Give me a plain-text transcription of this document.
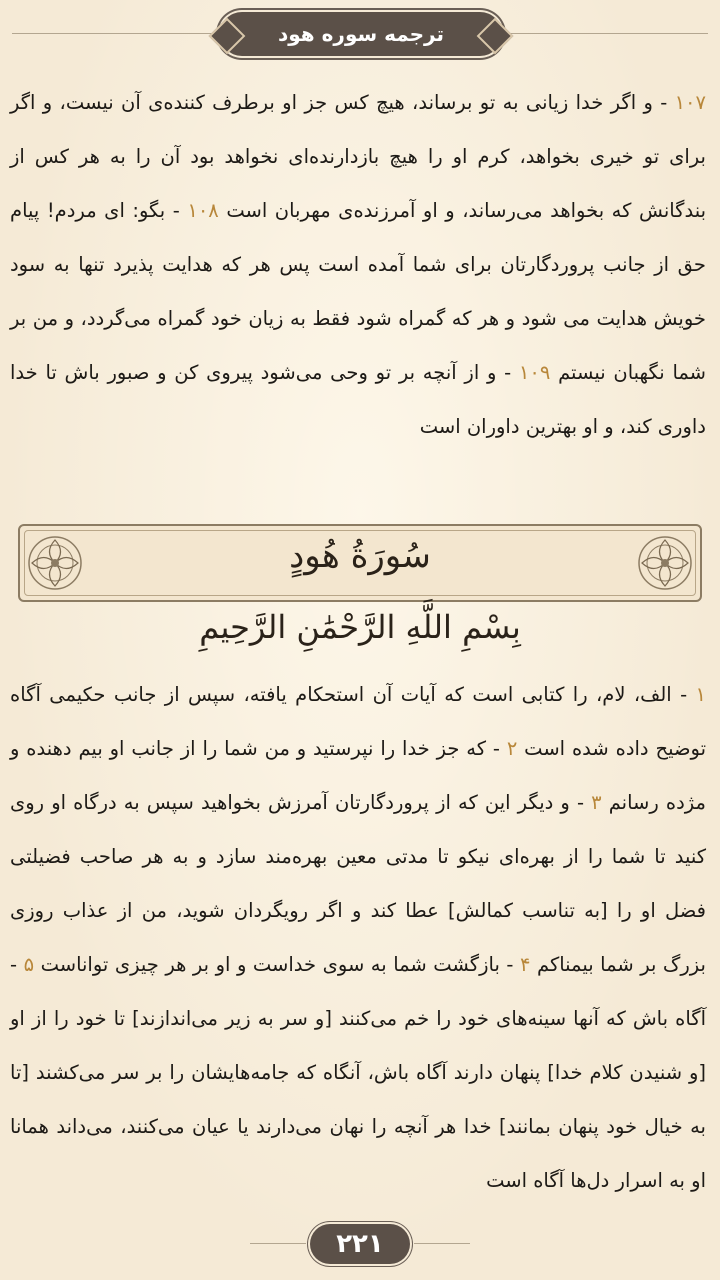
ترجمه سوره هود
۱۰۷ - و اگر خدا زیانی به تو برساند، هیچ کس جز او برطرف کننده‌ی آن نیست، و اگر برای تو خیری بخواهد، کرم او را هیچ بازدارنده‌ای نخواهد بود آن را به هر کس از بندگانش که بخواهد می‌رساند، و او آمرزنده‌ی مهربان است ۱۰۸ - بگو: ای مردم! پیام حق از جانب پروردگارتان برای شما آمده است پس هر که هدایت پذیرد تنها به سود خویش هدایت می شود و هر که گمراه شود فقط به زیان خود گمراه می‌گردد، و من بر شما نگهبان نیستم ۱۰۹ - و از آنچه بر تو وحی می‌شود پیروی کن و صبور باش تا خدا داوری کند، و او بهترین داوران است
سُورَةُ هُودٍ
بِسْمِ اللَّهِ الرَّحْمَٰنِ الرَّحِيمِ
۱ - الف، لام، را کتابی است که آیات آن استحکام یافته، سپس از جانب حکیمی آگاه توضیح داده شده است ۲ - که جز خدا را نپرستید و من شما را از جانب او بیم دهنده و مژده رسانم ۳ - و دیگر این که از پروردگارتان آمرزش بخواهید سپس به درگاه او روی کنید تا شما را از بهره‌ای نیکو تا مدتی معین بهره‌مند سازد و به هر صاحب فضیلتی فضل او را [به تناسب کمالش] عطا کند و اگر رویگردان شوید، من از عذاب روزی بزرگ بر شما بیمناکم ۴ - بازگشت شما به سوی خداست و او بر هر چیزی تواناست ۵ - آگاه باش که آنها سینه‌های خود را خم می‌کنند [و سر به زیر می‌اندازند] تا خود را از او [و شنیدن کلام خدا] پنهان دارند آگاه باش، آنگاه که جامه‌هایشان را بر سر می‌کشند [تا به خیال خود پنهان بمانند] خدا هر آنچه را نهان می‌دارند یا عیان می‌کنند، می‌داند همانا او به اسرار دل‌ها آگاه است
۲۲۱
